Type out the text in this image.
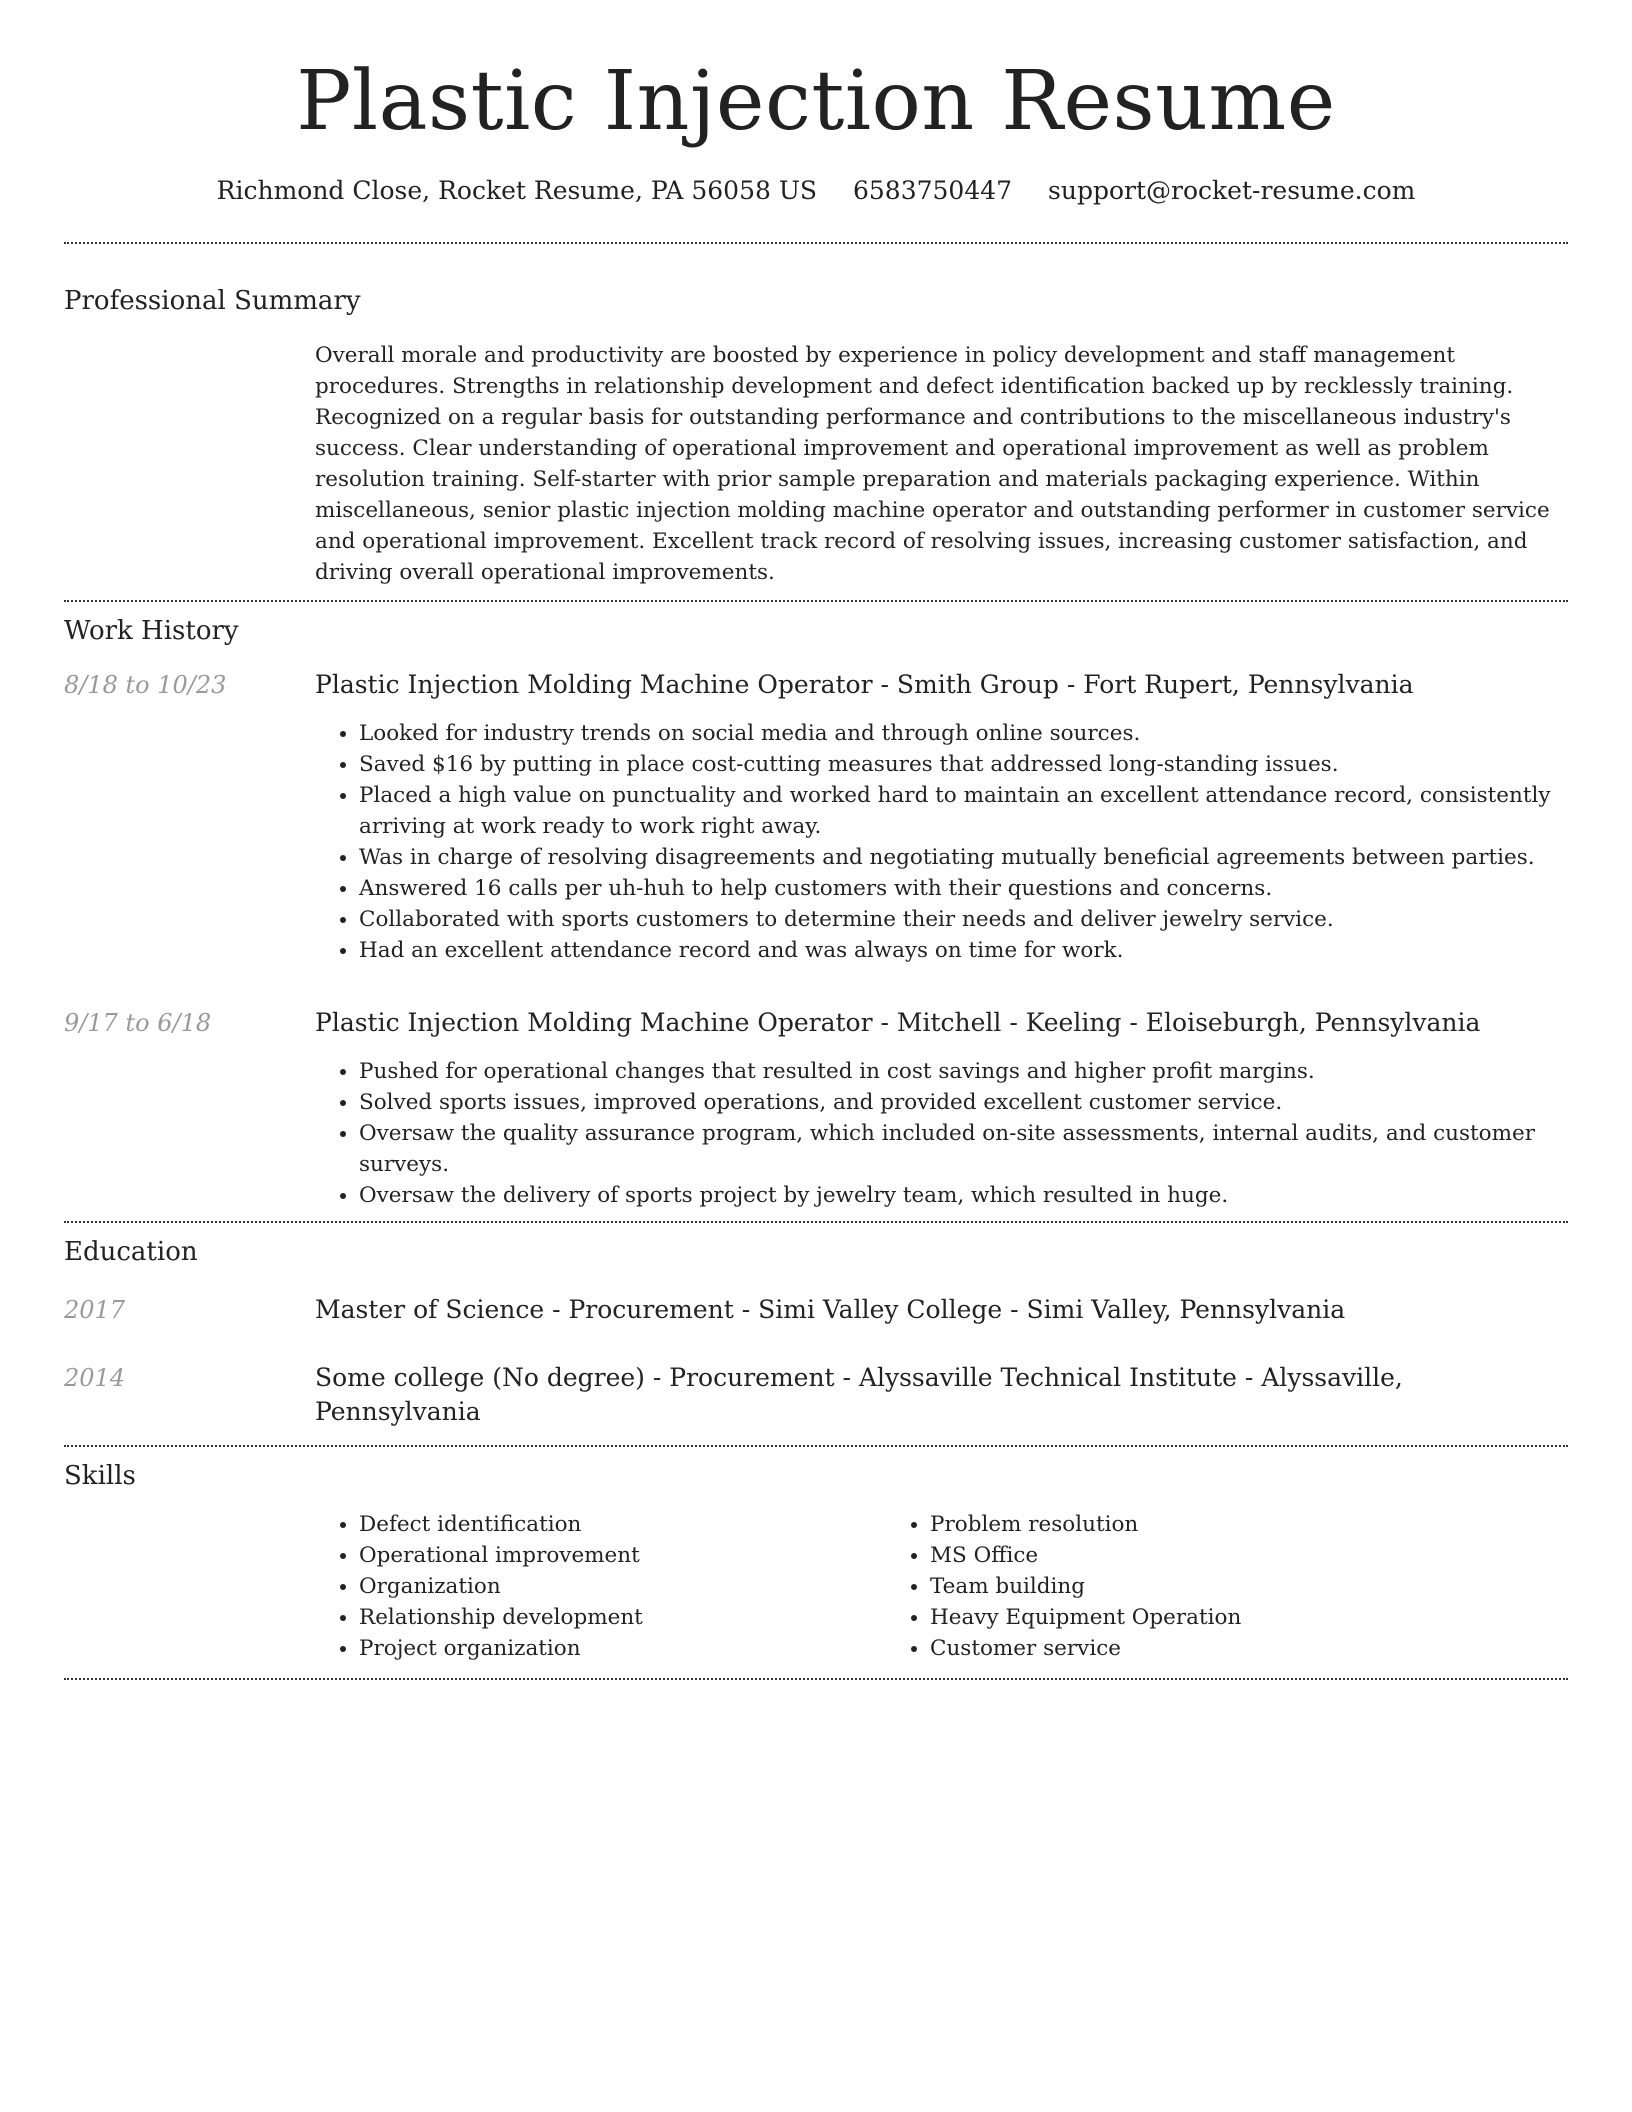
Plastic Injection Resume
Richmond Close, Rocket Resume, PA 56058 US 6583750447 support@rocket-resume.com
Professional Summary
Overall morale and productivity are boosted by experience in policy development and staff management procedures. Strengths in relationship development and defect identification backed up by recklessly training. Recognized on a regular basis for outstanding performance and contributions to the miscellaneous industry's success. Clear understanding of operational improvement and operational improvement as well as problem resolution training. Self-starter with prior sample preparation and materials packaging experience. Within miscellaneous, senior plastic injection molding machine operator and outstanding performer in customer service and operational improvement. Excellent track record of resolving issues, increasing customer satisfaction, and driving overall operational improvements.
Work History
8/18 to 10/23	Plastic Injection Molding Machine Operator - Smith Group - Fort Rupert, Pennsylvania
• Looked for industry trends on social media and through online sources.
• Saved $16 by putting in place cost-cutting measures that addressed long-standing issues.
• Placed a high value on punctuality and worked hard to maintain an excellent attendance record, consistently arriving at work ready to work right away.
• Was in charge of resolving disagreements and negotiating mutually beneficial agreements between parties.
• Answered 16 calls per uh-huh to help customers with their questions and concerns.
• Collaborated with sports customers to determine their needs and deliver jewelry service.
• Had an excellent attendance record and was always on time for work.
9/17 to 6/18	Plastic Injection Molding Machine Operator - Mitchell - Keeling - Eloiseburgh, Pennsylvania
• Pushed for operational changes that resulted in cost savings and higher profit margins.
• Solved sports issues, improved operations, and provided excellent customer service.
• Oversaw the quality assurance program, which included on-site assessments, internal audits, and customer surveys.
• Oversaw the delivery of sports project by jewelry team, which resulted in huge.
Education
2017	Master of Science - Procurement - Simi Valley College - Simi Valley, Pennsylvania
2014	Some college (No degree) - Procurement - Alyssaville Technical Institute - Alyssaville, Pennsylvania
Skills
• Defect identification
• Operational improvement
• Organization
• Relationship development
• Project organization
• Problem resolution
• MS Office
• Team building
• Heavy Equipment Operation
• Customer service
